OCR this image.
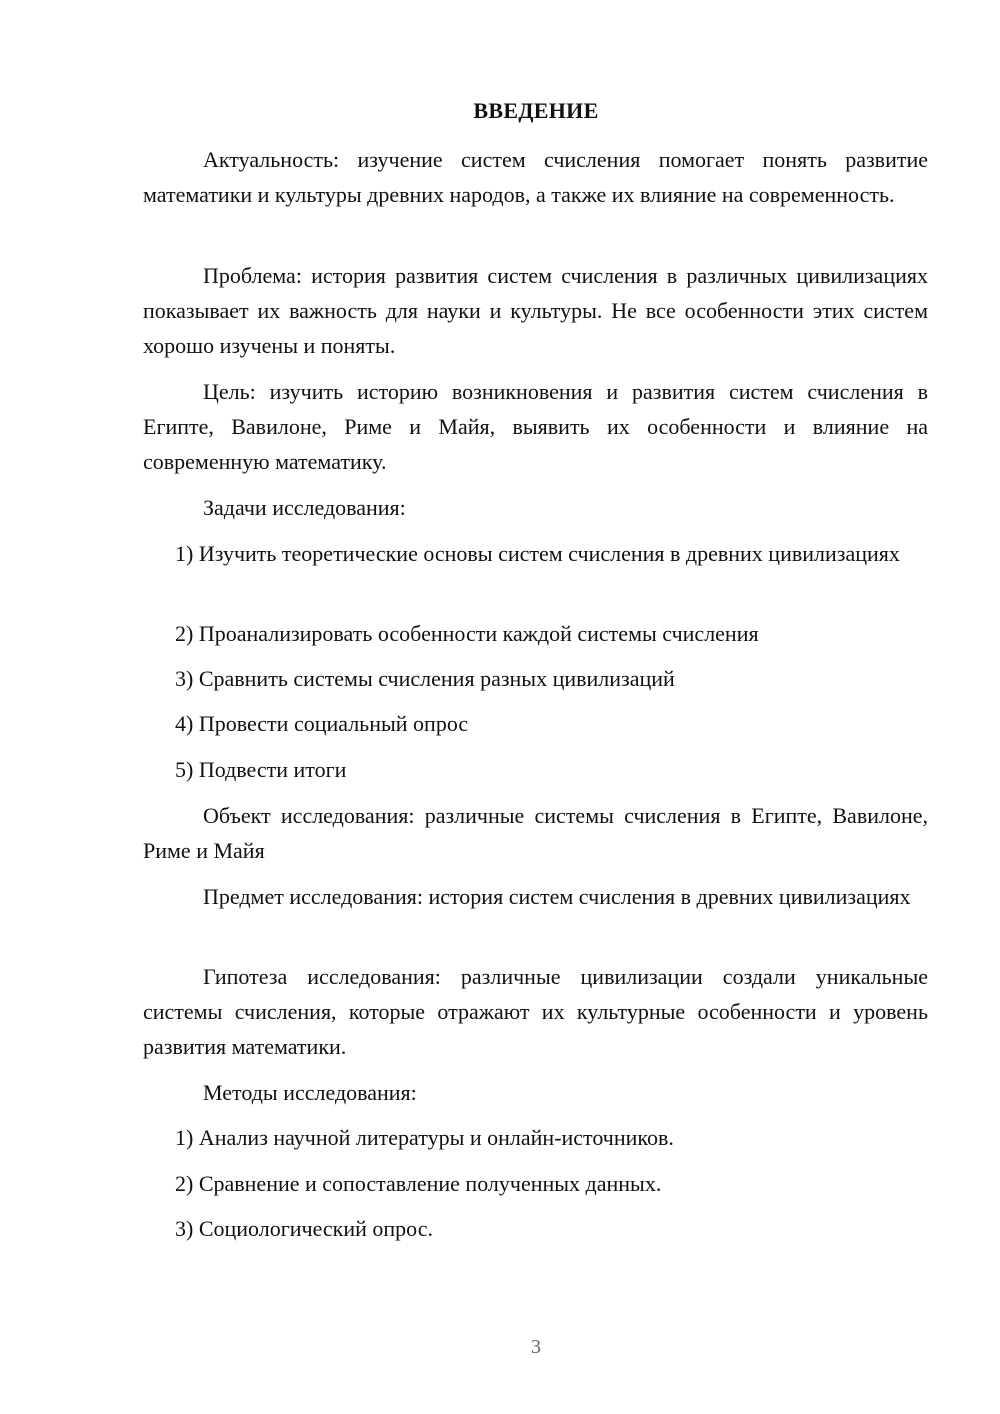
ВВЕДЕНИЕ

Актуальность: изучение систем счисления помогает понять развитие математики и культуры древних народов, а также их влияние на современность.

Проблема: история развития систем счисления в различных цивилизациях показывает их важность для науки и культуры. Не все особенности этих систем хорошо изучены и поняты.

Цель: изучить историю возникновения и развития систем счисления в Египте, Вавилоне, Риме и Майя, выявить их особенности и влияние на современную математику.

Задачи исследования:

1) Изучить теоретические основы систем счисления в древних цивилизациях

2) Проанализировать особенности каждой системы счисления

3) Сравнить системы счисления разных цивилизаций

4) Провести социальный опрос

5) Подвести итоги

Объект исследования: различные системы счисления в Египте, Вавилоне, Риме и Майя

Предмет исследования: история систем счисления в древних цивилизациях

Гипотеза исследования: различные цивилизации создали уникальные системы счисления, которые отражают их культурные особенности и уровень развития математики.

Методы исследования:

1) Анализ научной литературы и онлайн-источников.

2) Сравнение и сопоставление полученных данных.

3) Социологический опрос.

3
